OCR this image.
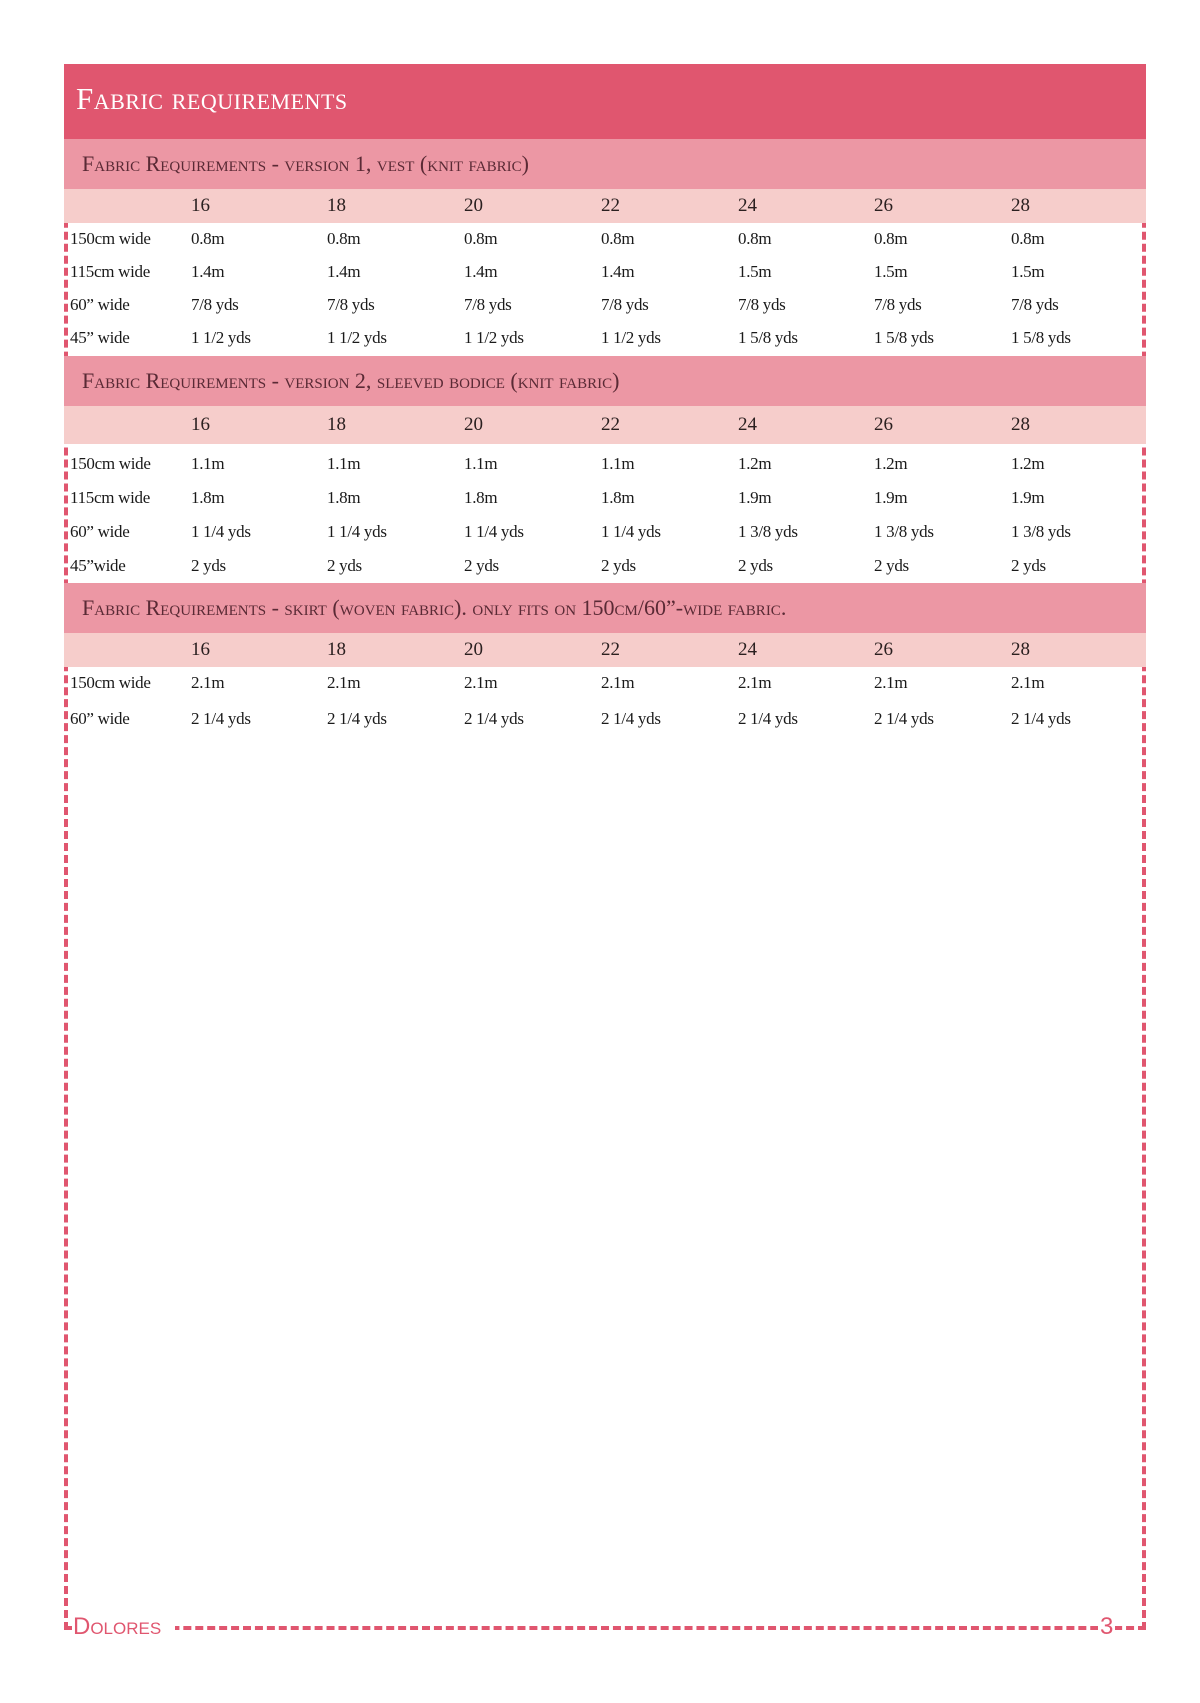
Fabric requirements
Fabric Requirements - version 1, vest (knit fabric)
16	18	20	22	24	26	28
150cm wide 0.8m	0.8m	0.8m	0.8m	0.8m	0.8m	0.8m
115cm wide 1.4m	1.4m	1.4m	1.4m	1.5m	1.5m	1.5m
60” wide	7/8 yds	7/8 yds	7/8 yds	7/8 yds	7/8 yds	7/8 yds	7/8 yds
45” wide	1 1/2 yds	1 1/2 yds	1 1/2 yds	1 1/2 yds	1 5/8 yds	1 5/8 yds	1 5/8 yds
Fabric Requirements - version 2, sleeved bodice (knit fabric)
16	18	20	22	24	26	28
150cm wide 1.1m	1.1m	1.1m	1.1m	1.2m	1.2m	1.2m
115cm wide 1.8m	1.8m	1.8m	1.8m	1.9m	1.9m	1.9m
60” wide	1 1/4 yds	1 1/4 yds	1 1/4 yds	1 1/4 yds	1 3/8 yds	1 3/8 yds	1 3/8 yds
45”wide	2 yds	2 yds	2 yds	2 yds	2 yds	2 yds	2 yds
Fabric Requirements - skirt (woven fabric). only fits on 150cm/60”-wide fabric.
16	18	20	22	24	26	28
150cm wide 2.1m	2.1m	2.1m	2.1m	2.1m	2.1m	2.1m
60” wide	2 1/4 yds	2 1/4 yds	2 1/4 yds	2 1/4 yds	2 1/4 yds	2 1/4 yds	2 1/4 yds
Dolores	3
